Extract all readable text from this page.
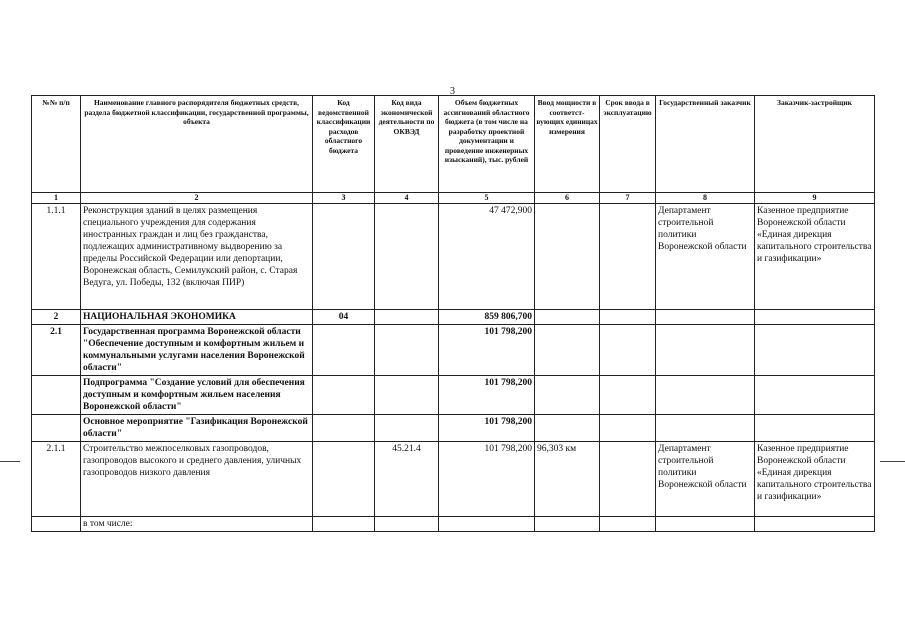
3
№№ п/п	Наименование главного распорядителя бюджетных средств, раздела бюджетной классификации, государственной программы, объекта	Код ведомственной классификации расходов областного бюджета	Код вида экономической деятельности по ОКВЭД	Объем бюджетных ассигнований областного бюджета (в том числе на разработку проектной документации и проведение инженерных изысканий), тыс. рублей	Ввод мощности в соответст-вующих единицах измерения	Срок ввода в эксплуатацию	Государственный заказчик	Заказчик-застройщик
1	2	3	4	5	6	7	8	9
1.1.1	Реконструкция зданий в целях размещения специального учреждения для содержания иностранных граждан и лиц без гражданства, подлежащих административному выдворению за пределы Российской Федерации или депортации, Воронежская область, Семилукский район, с. Старая Ведуга, ул. Победы, 132 (включая ПИР)			47 472,900			Департамент строительной политики Воронежской области	Казенное предприятие Воронежской области «Единая дирекция капитального строительства и газификации»
2	НАЦИОНАЛЬНАЯ ЭКОНОМИКА	04		859 806,700				
2.1	Государственная программа Воронежской области "Обеспечение доступным и комфортным жильем и коммунальными услугами населения Воронежской области"			101 798,200				
	Подпрограмма "Создание условий для обеспечения доступным и комфортным жильем населения Воронежской области"			101 798,200				
	Основное мероприятие "Газификация Воронежской области"			101 798,200				
2.1.1	Строительство межпоселковых газопроводов, газопроводов высокого и среднего давления, уличных газопроводов низкого давления		45.21.4	101 798,200	96,303 км		Департамент строительной политики Воронежской области	Казенное предприятие Воронежской области «Единая дирекция капитального строительства и газификации»
	в том числе:							
